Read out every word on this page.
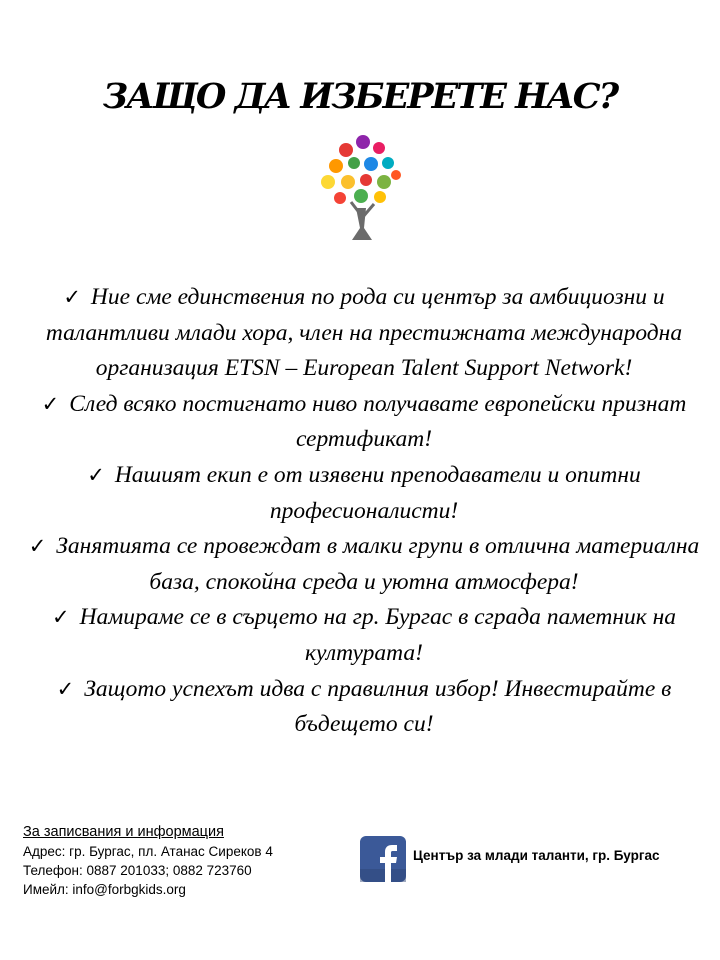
ЗАЩО ДА ИЗБЕРЕТЕ НАС?

✓ Ние сме единствения по рода си център за амбициозни и талантливи млади хора, член на престижната международна организация ETSN – European Talent Support Network!

✓ След всяко постигнато ниво получавате европейски признат сертификат!

✓ Нашият екип е от изявени преподаватели и опитни професионалисти!

✓ Занятията се провеждат в малки групи в отлична материална база, спокойна среда и уютна атмосфера!

✓ Намираме се в сърцето на гр. Бургас в сграда паметник на културата!

✓ Защото успехът идва с правилния избор! Инвестирайте в бъдещето си!

За записвания и информация
Адрес: гр. Бургас, пл. Атанас Сиреков 4
Телефон: 0887 201033; 0882 723760
Имейл: info@forbgkids.org
Център за млади таланти, гр. Бургас
